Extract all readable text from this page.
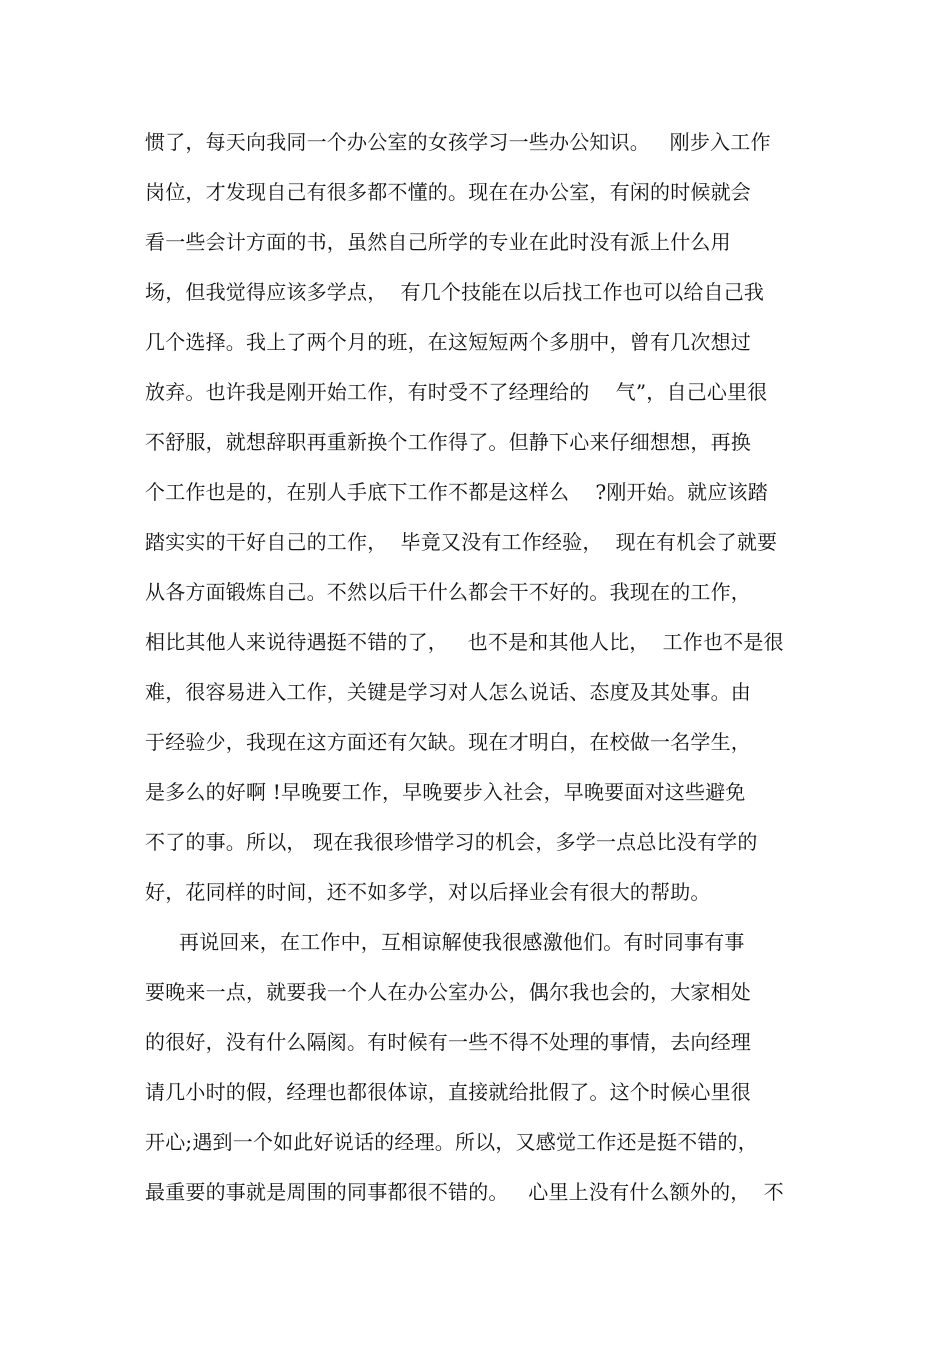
惯了，每天向我同一个办公室的女孩学习一些办公知识。   刚步入工作

岗位，才发现自己有很多都不懂的。现在在办公室，有闲的时候就会

看一些会计方面的书，虽然自己所学的专业在此时没有派上什么用

场，但我觉得应该多学点，  有几个技能在以后找工作也可以给自己我

几个选择。我上了两个月的班，在这短短两个多朋中，曾有几次想过

放弃。也许我是刚开始工作，有时受不了经理给的    气”，自己心里很

不舒服，就想辞职再重新换个工作得了。但静下心来仔细想想，再换

个工作也是的，在别人手底下工作不都是这样么    ?刚开始。就应该踏

踏实实的干好自己的工作，  毕竟又没有工作经验，  现在有机会了就要

从各方面锻炼自己。不然以后干什么都会干不好的。我现在的工作，

相比其他人来说待遇挺不错的了，   也不是和其他人比，  工作也不是很

难，很容易进入工作，关键是学习对人怎么说话、态度及其处事。由

于经验少，我现在这方面还有欠缺。现在才明白，在校做一名学生，

是多么的好啊 !早晚要工作，早晚要步入社会，早晚要面对这些避免

不了的事。所以， 现在我很珍惜学习的机会，多学一点总比没有学的

好，花同样的时间，还不如多学，对以后择业会有很大的帮助。

再说回来，在工作中，互相谅解使我很感激他们。有时同事有事

要晚来一点，就要我一个人在办公室办公，偶尔我也会的，大家相处

的很好，没有什么隔阂。有时候有一些不得不处理的事情，去向经理

请几小时的假，经理也都很体谅，直接就给批假了。这个时候心里很

开心;遇到一个如此好说话的经理。所以，又感觉工作还是挺不错的，

最重要的事就是周围的同事都很不错的。   心里上没有什么额外的，  不
